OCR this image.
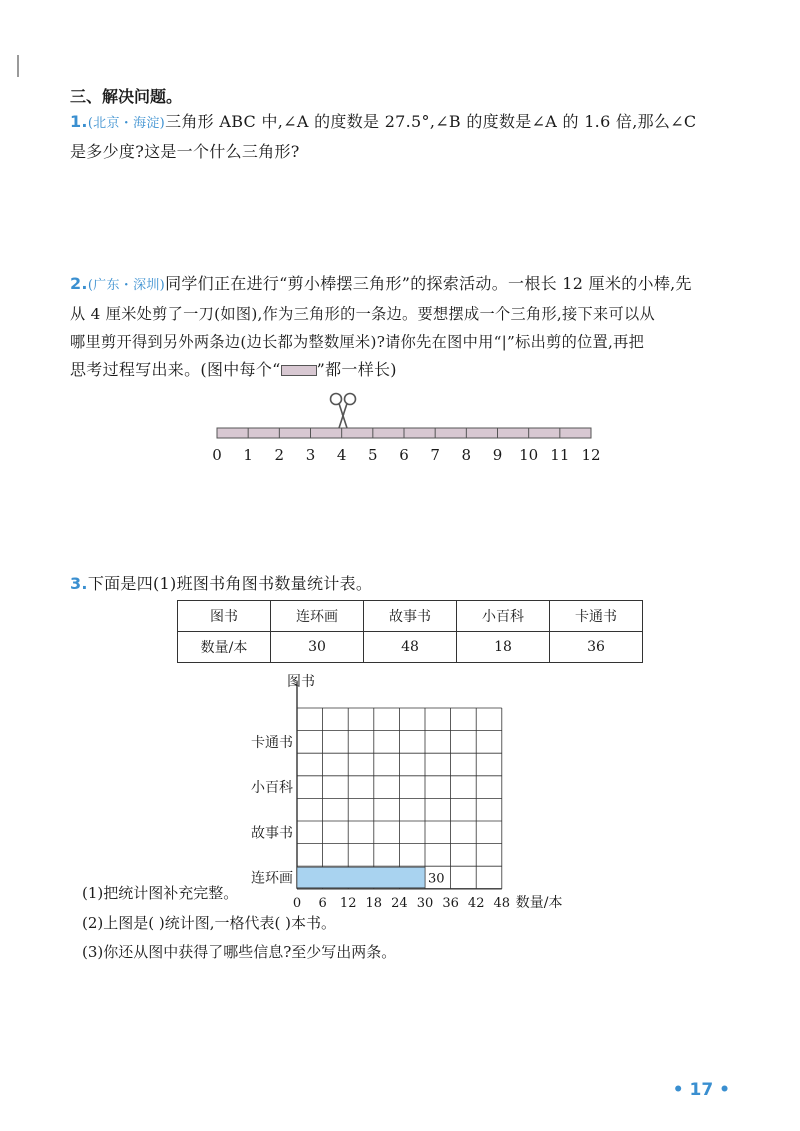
三、解决问题。
1.(北京・海淀)三角形 ABC 中,∠A 的度数是 27.5°,∠B 的度数是∠A 的 1.6 倍,那么∠C
是多少度?这是一个什么三角形?
2.(广东・深圳)同学们正在进行“剪小棒摆三角形”的探索活动。一根长 12 厘米的小棒,先
从 4 厘米处剪了一刀(如图),作为三角形的一条边。要想摆成一个三角形,接下来可以从
哪里剪开得到另外两条边(边长都为整数厘米)?请你先在图中用“|”标出剪的位置,再把
思考过程写出来。(图中每个“ ”都一样长)
0 1 2 3 4 5 6 7 8 9 10 11 12
3.下面是四(1)班图书角图书数量统计表。
图书	连环画	故事书	小百科	卡通书
数量/本	30	48	18	36
图书
连环画	30
故事书
小百科
卡通书
0 6 12 18 24 30 36 42 48 数量/本
(1)把统计图补充完整。
(2)上图是( )统计图,一格代表( )本书。
(3)你还从图中获得了哪些信息?至少写出两条。
• 17 •
